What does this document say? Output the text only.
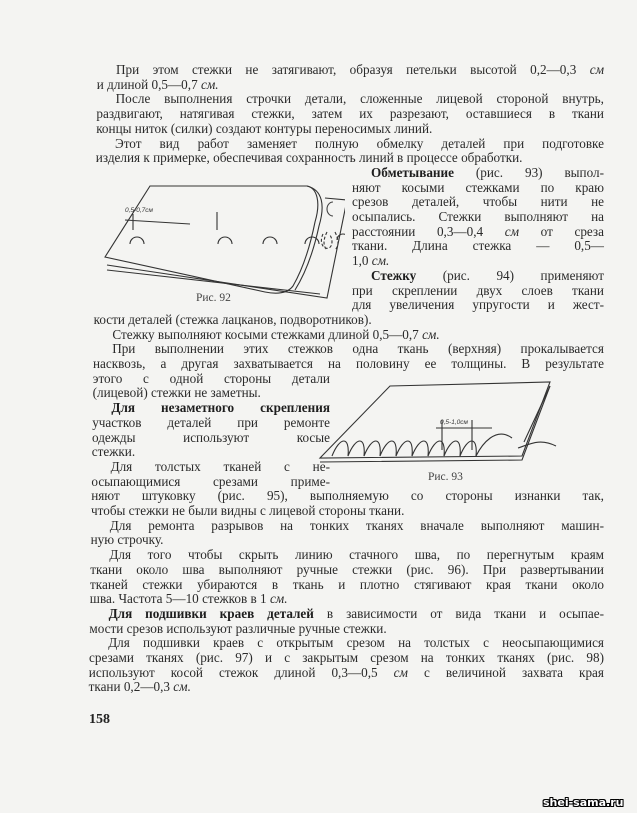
При этом стежки не затягивают, образуя петельки высотой 0,2—0,3 см
и длиной 0,5—0,7 см.
После выполнения строчки детали, сложенные лицевой стороной внутрь,
раздвигают, натягивая стежки, затем их разрезают, оставшиеся в ткани
концы ниток (силки) создают контуры переносимых линий.
Этот вид работ заменяет полную обмелку деталей при подготовке
изделия к примерке, обеспечивая сохранность линий в процессе обработки.
Обметывание (рис. 93) выпол-
няют косыми стежками по краю
срезов деталей, чтобы нити не
осыпались. Стежки выполняют на
расстоянии 0,3—0,4 см от среза
ткани. Длина стежка — 0,5—
1,0 см.
Стежку (рис. 94) применяют
при скреплении двух слоев ткани
для увеличения упругости и жест-
кости деталей (стежка лацканов, подворотников).
Стежку выполняют косыми стежками длиной 0,5—0,7 см.
При выполнении этих стежков одна ткань (верхняя) прокалывается
насквозь, а другая захватывается на половину ее толщины. В результате
этого с одной стороны детали
(лицевой) стежки не заметны.
Для незаметного скрепления
участков деталей при ремонте
одежды используют косые
стежки.
Для толстых тканей с не-
осыпающимися срезами приме-
няют штуковку (рис. 95), выполняемую со стороны изнанки так,
чтобы стежки не были видны с лицевой стороны ткани.
Для ремонта разрывов на тонких тканях вначале выполняют машин-
ную строчку.
Для того чтобы скрыть линию стачного шва, по перегнутым краям
ткани около шва выполняют ручные стежки (рис. 96). При развертывании
тканей стежки убираются в ткань и плотно стягивают края ткани около
шва. Частота 5—10 стежков в 1 см.
Для подшивки краев деталей в зависимости от вида ткани и осыпае-
мости срезов используют различные ручные стежки.
Для подшивки краев с открытым срезом на толстых с неосыпающимися
срезами тканях (рис. 97) и с закрытым срезом на тонких тканях (рис. 98)
используют косой стежок длиной 0,3—0,5 см с величиной захвата края
ткани 0,2—0,3 см.
0,5-0,7см
Рис. 92
0,5-1,0см
Рис. 93
158
shei-sama.ru
